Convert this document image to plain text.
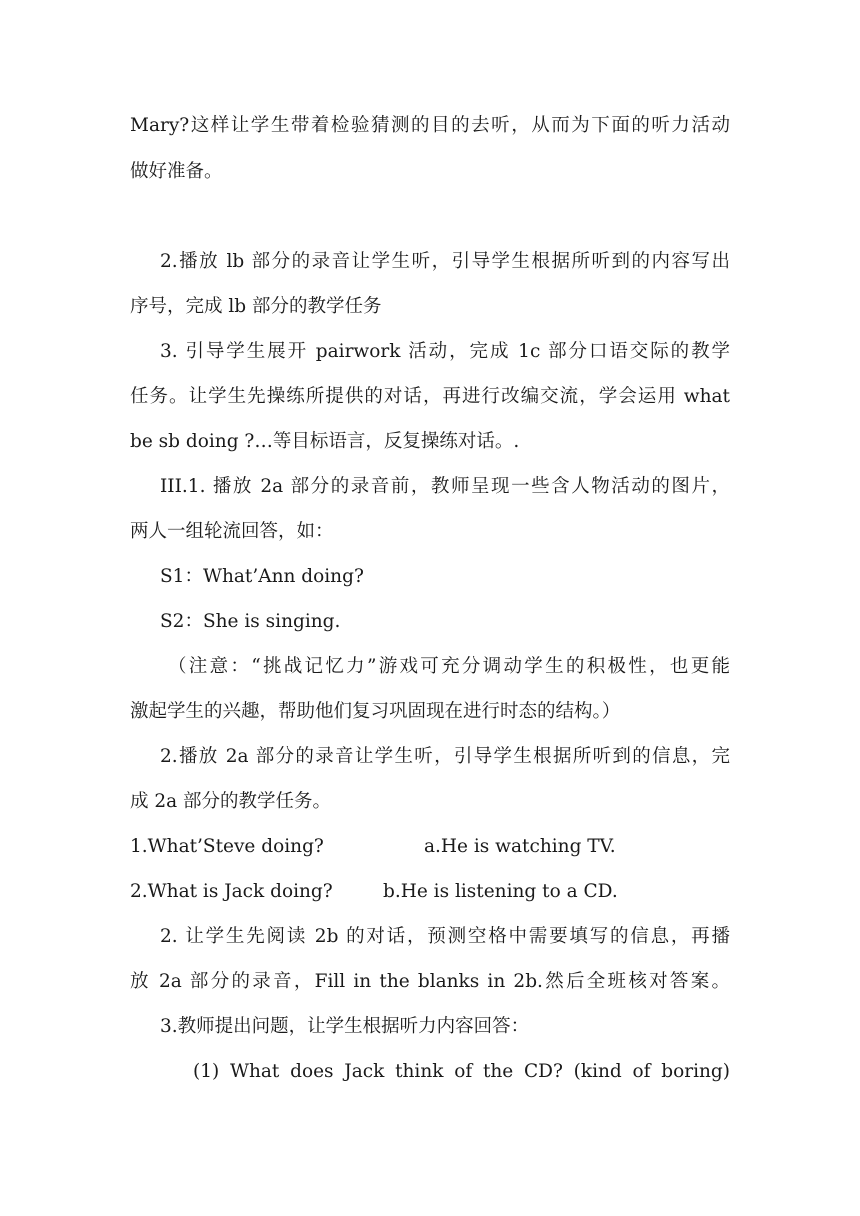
Mary?这样让学生带着检验猜测的目的去听，从而为下面的听力活动
做好准备。
2.播放 lb 部分的录音让学生听，引导学生根据所听到的内容写出
序号，完成 lb 部分的教学任务
3. 引导学生展开 pairwork 活动，完成 1c 部分口语交际的教学
任务。让学生先操练所提供的对话，再进行改编交流，学会运用 what
be sb doing ?…等目标语言，反复操练对话。.
III.1. 播放 2a 部分的录音前，教师呈现一些含人物活动的图片，
两人一组轮流回答，如：
S1：What’Ann doing?
S2：She is singing.
（注意：“挑战记忆力”游戏可充分调动学生的积极性，也更能
激起学生的兴趣，帮助他们复习巩固现在进行时态的结构。）
2.播放 2a 部分的录音让学生听，引导学生根据所听到的信息，完
成 2a 部分的教学任务。
1.What’Steve doing?	a.He is watching TV.
2.What is Jack doing?	b.He is listening to a CD.
2. 让学生先阅读 2b 的对话，预测空格中需要填写的信息，再播
放 2a 部分的录音，Fill in the blanks in 2b.然后全班核对答案。
3.教师提出问题，让学生根据听力内容回答：
(1) What does Jack think of the CD? (kind of boring)
